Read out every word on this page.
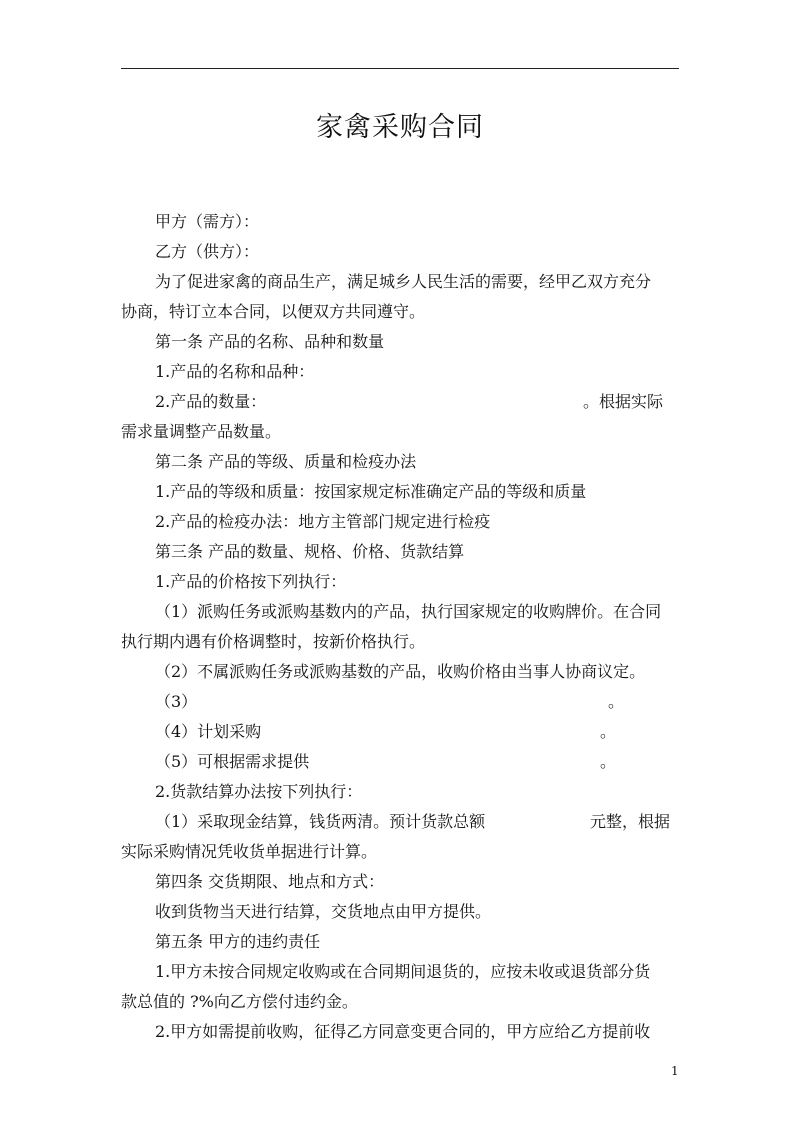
家禽采购合同
甲方（需方）：
乙方（供方）：
为了促进家禽的商品生产，满足城乡人民生活的需要，经甲乙双方充分
协商，特订立本合同，以便双方共同遵守。
第一条 产品的名称、品种和数量
1.产品的名称和品种：
2.产品的数量：	。根据实际
需求量调整产品数量。
第二条 产品的等级、质量和检疫办法
1.产品的等级和质量：按国家规定标准确定产品的等级和质量
2.产品的检疫办法：地方主管部门规定进行检疫
第三条 产品的数量、规格、价格、货款结算
1.产品的价格按下列执行：
（1）派购任务或派购基数内的产品，执行国家规定的收购牌价。在合同
执行期内遇有价格调整时，按新价格执行。
（2）不属派购任务或派购基数的产品，收购价格由当事人协商议定。
（3）	。
（4）计划采购	。
（5）可根据需求提供	。
2.货款结算办法按下列执行：
（1）采取现金结算，钱货两清。预计货款总额	元整，根据
实际采购情况凭收货单据进行计算。
第四条 交货期限、地点和方式：
收到货物当天进行结算，交货地点由甲方提供。
第五条 甲方的违约责任
1.甲方未按合同规定收购或在合同期间退货的，应按未收或退货部分货
款总值的 ?%向乙方偿付违约金。
2.甲方如需提前收购，征得乙方同意变更合同的，甲方应给乙方提前收
1
